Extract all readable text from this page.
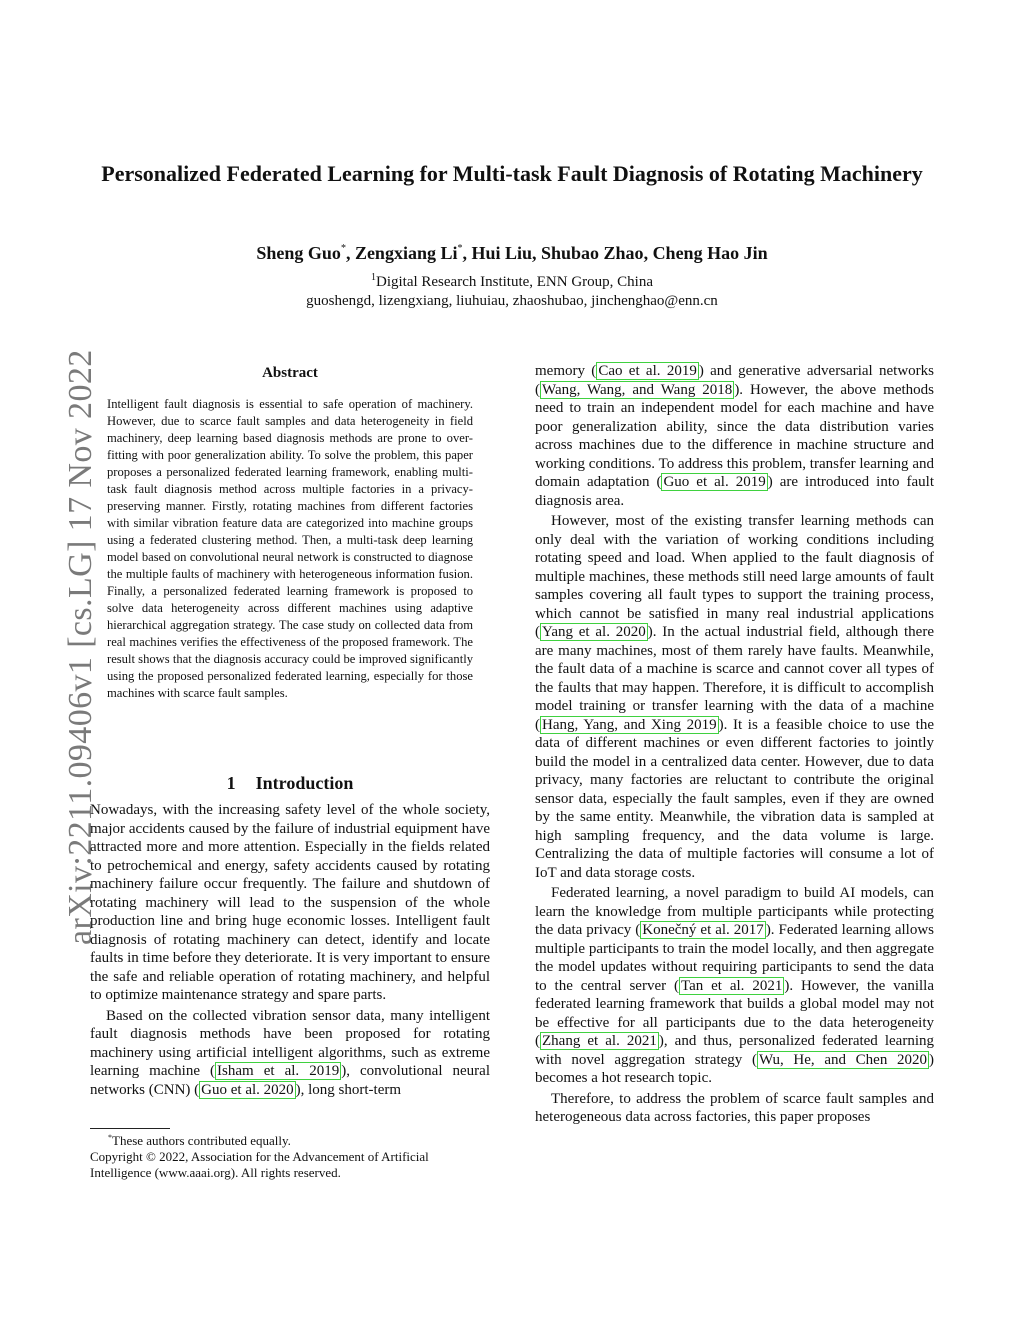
Personalized Federated Learning for Multi-task Fault Diagnosis of Rotating Machinery
Sheng Guo*, Zengxiang Li*, Hui Liu, Shubao Zhao, Cheng Hao Jin
$^1$Digital Research Institute, ENN Group, China
guoshengd, lizengxiang, liuhuiau, zhaoshubao, jinchenghao@enn.cn
arXiv:2211.09406v1 [cs.LG] 17 Nov 2022	Abstract
Intelligent fault diagnosis is essential to safe operation of machinery. However, due to scarce fault samples and data heterogeneity in field machinery, deep learning based diagnosis methods are prone to over-fitting with poor generalization ability. To solve the problem, this paper proposes a personalized federated learning framework, enabling multi-task fault diagnosis method across multiple factories in a privacy-preserving manner. Firstly, rotating machines from different factories with similar vibration feature data are categorized into machine groups using a federated clustering method. Then, a multi-task deep learning model based on convolutional neural network is constructed to diagnose the multiple faults of machinery with heterogeneous information fusion. Finally, a personalized federated learning framework is proposed to solve data heterogeneity across different machines using adaptive hierarchical aggregation strategy. The case study on collected data from real machines verifies the effectiveness of the proposed framework. The result shows that the diagnosis accuracy could be improved significantly using the proposed personalized federated learning, especially for those machines with scarce fault samples.
1 Introduction

Nowadays, with the increasing safety level of the whole society, major accidents caused by the failure of industrial equipment have attracted more and more attention. Especially in the fields related to petrochemical and energy, safety accidents caused by rotating machinery failure occur frequently. The failure and shutdown of rotating machinery will lead to the suspension of the whole production line and bring huge economic losses. Intelligent fault diagnosis of rotating machinery can detect, identify and locate faults in time before they deteriorate. It is very important to ensure the safe and reliable operation of rotating machinery, and helpful to optimize maintenance strategy and spare parts.

Based on the collected vibration sensor data, many intelligent fault diagnosis methods have been proposed for rotating machinery using artificial intelligent algorithms, such as extreme learning machine ( Isham et al. 2019 ), convolutional neural networks (CNN) ( Guo et al. 2020 ), long short-term

memory ( Cao et al. 2019 ) and generative adversarial networks ( Wang, Wang, and Wang 2018 ). However, the above methods need to train an independent model for each machine and have poor generalization ability, since the data distribution varies across machines due to the difference in machine structure and working conditions. To address this problem, transfer learning and domain adaptation ( Guo et al. 2019 ) are introduced into fault diagnosis area.

However, most of the existing transfer learning methods can only deal with the variation of working conditions including rotating speed and load. When applied to the fault diagnosis of multiple machines, these methods still need large amounts of fault samples covering all fault types to support the training process, which cannot be satisfied in many real industrial applications ( Yang et al. 2020 ). In the actual industrial field, although there are many machines, most of them rarely have faults. Meanwhile, the fault data of a machine is scarce and cannot cover all types of the faults that may happen. Therefore, it is difficult to accomplish model training or transfer learning with the data of a machine ( Hang, Yang, and Xing 2019 ). It is a feasible choice to use the data of different machines or even different factories to jointly build the model in a centralized data center. However, due to data privacy, many factories are reluctant to contribute the original sensor data, especially the fault samples, even if they are owned by the same entity. Meanwhile, the vibration data is sampled at high sampling frequency, and the data volume is large. Centralizing the data of multiple factories will consume a lot of IoT and data storage costs.

Federated learning, a novel paradigm to build AI models, can learn the knowledge from multiple participants while protecting the data privacy ( Konečný et al. 2017 ). Federated learning allows multiple participants to train the model locally, and then aggregate the model updates without requiring participants to send the data to the central server ( Tan et al. 2021 ). However, the vanilla federated learning framework that builds a global model may not be effective for all participants due to the data heterogeneity ( Zhang et al. 2021 ), and thus, personalized federated learning with novel aggregation strategy ( Wu, He, and Chen 2020 ) becomes a hot research topic.

Therefore, to address the problem of scarce fault samples and heterogeneous data across factories, this paper proposes

*These authors contributed equally.
Copyright © 2022, Association for the Advancement of Artificial Intelligence (www.aaai.org). All rights reserved.
